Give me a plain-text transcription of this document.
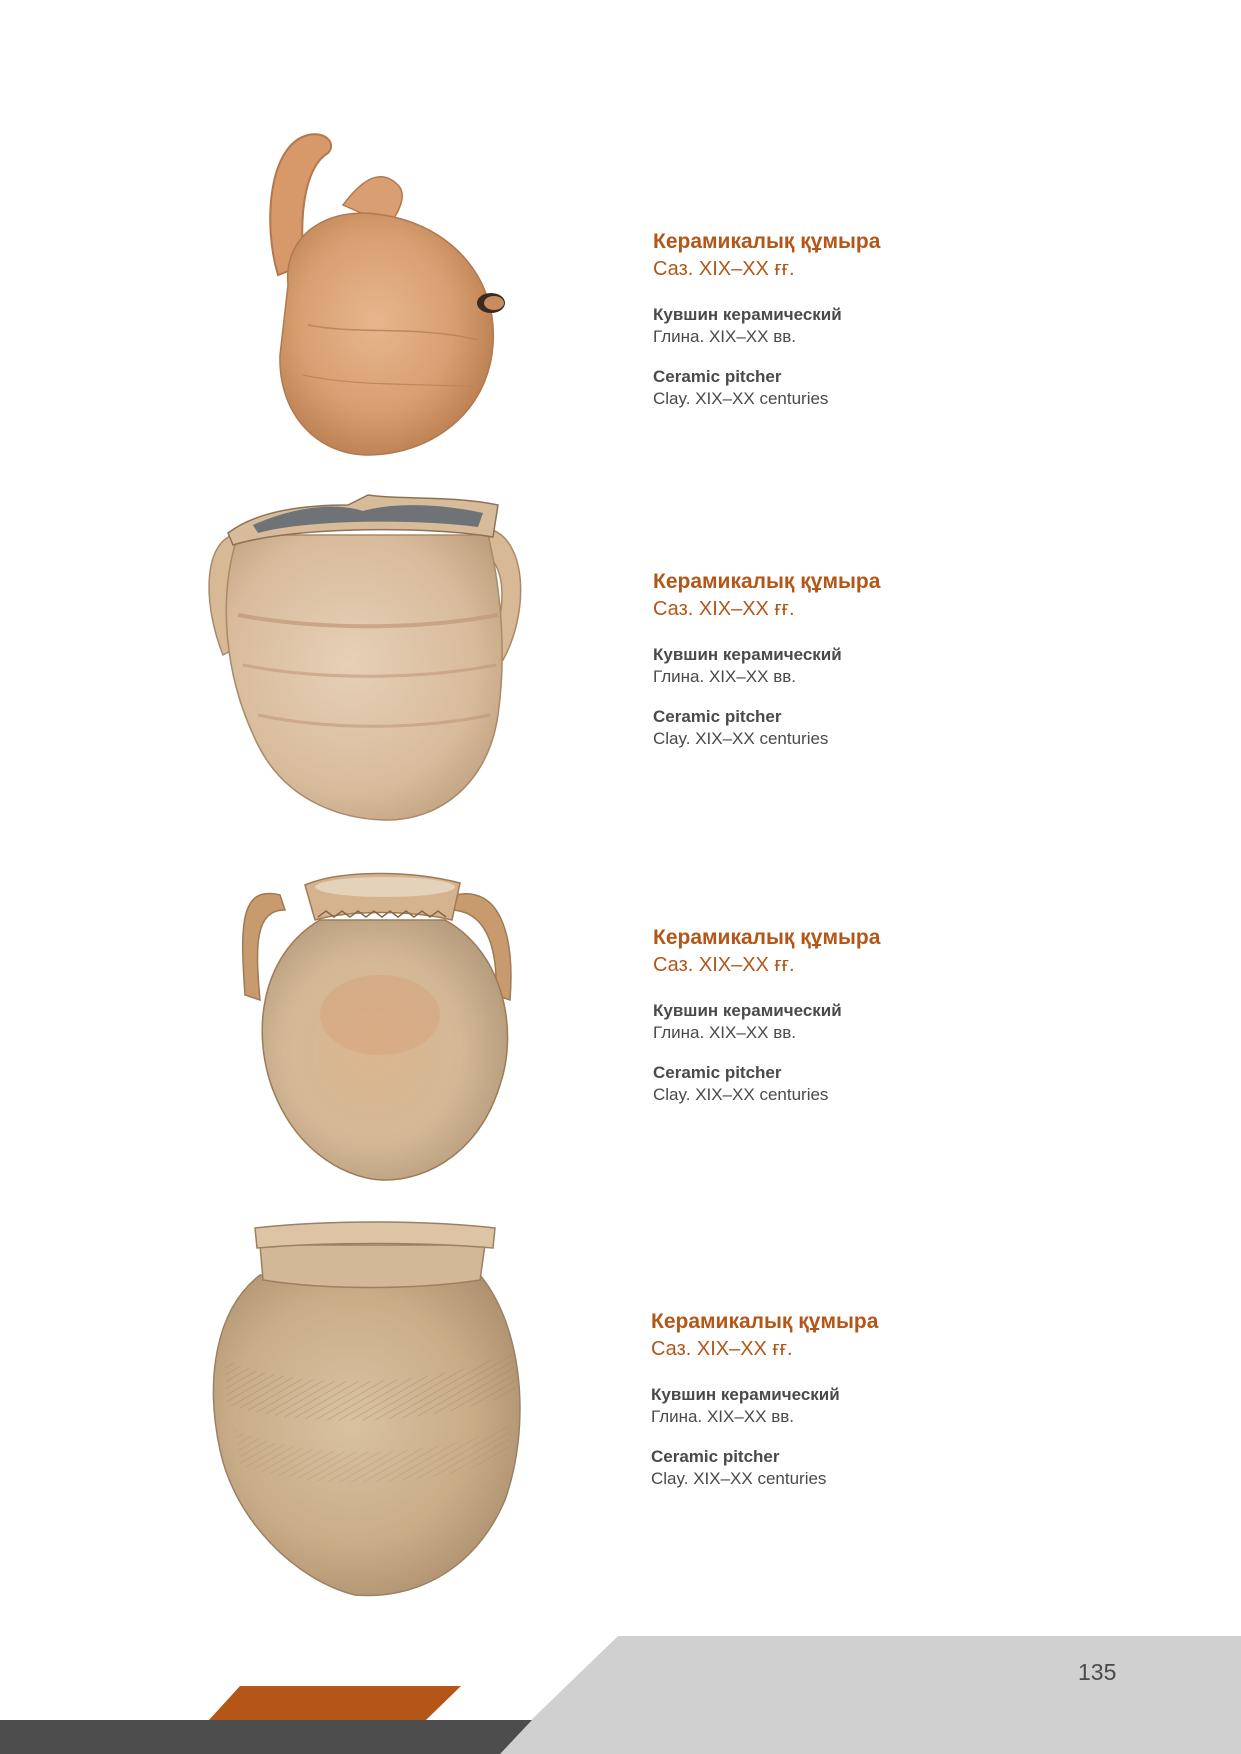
Керамикалық құмыра
Саз. XIX–XX ғғ.
Кувшин керамический
Глина. XIX–XX вв.
Ceramic pitcher
Clay. XIX–XX centuries
Керамикалық құмыра
Саз. XIX–XX ғғ.
Кувшин керамический
Глина. XIX–XX вв.
Ceramic pitcher
Clay. XIX–XX centuries
Керамикалық құмыра
Саз. XIX–XX ғғ.
Кувшин керамический
Глина. XIX–XX вв.
Ceramic pitcher
Clay. XIX–XX centuries
Керамикалық құмыра
Саз. XIX–XX ғғ.
Кувшин керамический
Глина. XIX–XX вв.
Ceramic pitcher
Clay. XIX–XX centuries
135
